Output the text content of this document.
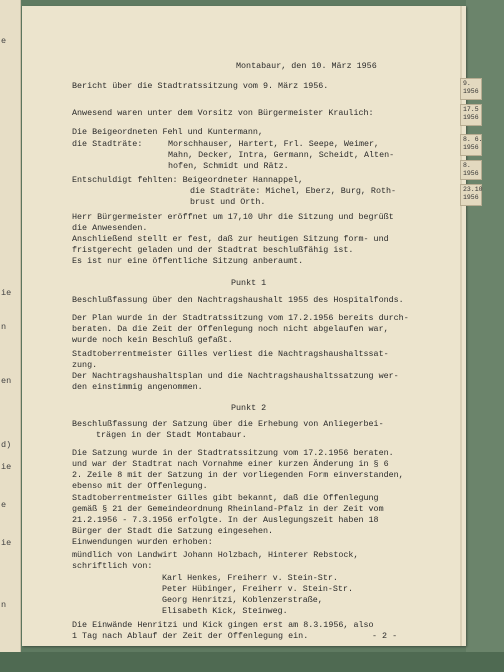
e
ie
n
en
d)
ie
e
ie
n
Montabaur, den 10. März 1956
Bericht über die Stadtratssitzung vom 9. März 1956.
Anwesend waren unter dem Vorsitz von Bürgermeister Kraulich:
Die Beigeordneten Fehl und Kuntermann,
die Stadträte:	Morschhauser, Hartert, Frl. Seepe, Weimer,
Mahn, Decker, Intra, Germann, Scheidt, Alten-
hofen, Schmidt und Rätz.
Entschuldigt fehlten: Beigeordneter Hannappel,
die Stadträte: Michel, Eberz, Burg, Roth-
brust und Orth.
Herr Bürgermeister eröffnet um 17,10 Uhr die Sitzung und begrüßt
die Anwesenden.
Anschließend stellt er fest, daß zur heutigen Sitzung form- und
fristgerecht geladen und der Stadtrat beschlußfähig ist.
Es ist nur eine öffentliche Sitzung anberaumt.
Punkt 1
Beschlußfassung über den Nachtragshaushalt 1955 des Hospitalfonds.
Der Plan wurde in der Stadtratssitzung vom 17.2.1956 bereits durch-
beraten. Da die Zeit der Offenlegung noch nicht abgelaufen war,
wurde noch kein Beschluß gefaßt.
Stadtoberrentmeister Gilles verliest die Nachtragshaushaltssat-
zung.
Der Nachtragshaushaltsplan und die Nachtragshaushaltssatzung wer-
den einstimmig angenommen.
Punkt 2
Beschlußfassung der Satzung über die Erhebung von Anliegerbei-
trägen in der Stadt Montabaur.
Die Satzung wurde in der Stadtratssitzung vom 17.2.1956 beraten.
und war der Stadtrat nach Vornahme einer kurzen Änderung in § 6
2. Zeile 8 mit der Satzung in der vorliegenden Form einverstanden,
ebenso mit der Offenlegung.
Stadtoberrentmeister Gilles gibt bekannt, daß die Offenlegung
gemäß § 21 der Gemeindeordnung Rheinland-Pfalz in der Zeit vom
21.2.1956 - 7.3.1956 erfolgte. In der Auslegungszeit haben 18
Bürger der Stadt die Satzung eingesehen.
Einwendungen wurden erhoben:
mündlich von Landwirt Johann Holzbach, Hinterer Rebstock,
schriftlich von:
Karl Henkes, Freiherr v. Stein-Str.
Peter Hübinger, Freiherr v. Stein-Str.
Georg Henritzi, Koblenzerstraße,
Elisabeth Kick, Steinweg.
Die Einwände Henritzi und Kick gingen erst am 8.3.1956, also
1 Tag nach Ablauf der Zeit der Offenlegung ein.	- 2 -
9.
1956
17.5
1956
8. 6.
1956
8.
1956
23.10
1956
